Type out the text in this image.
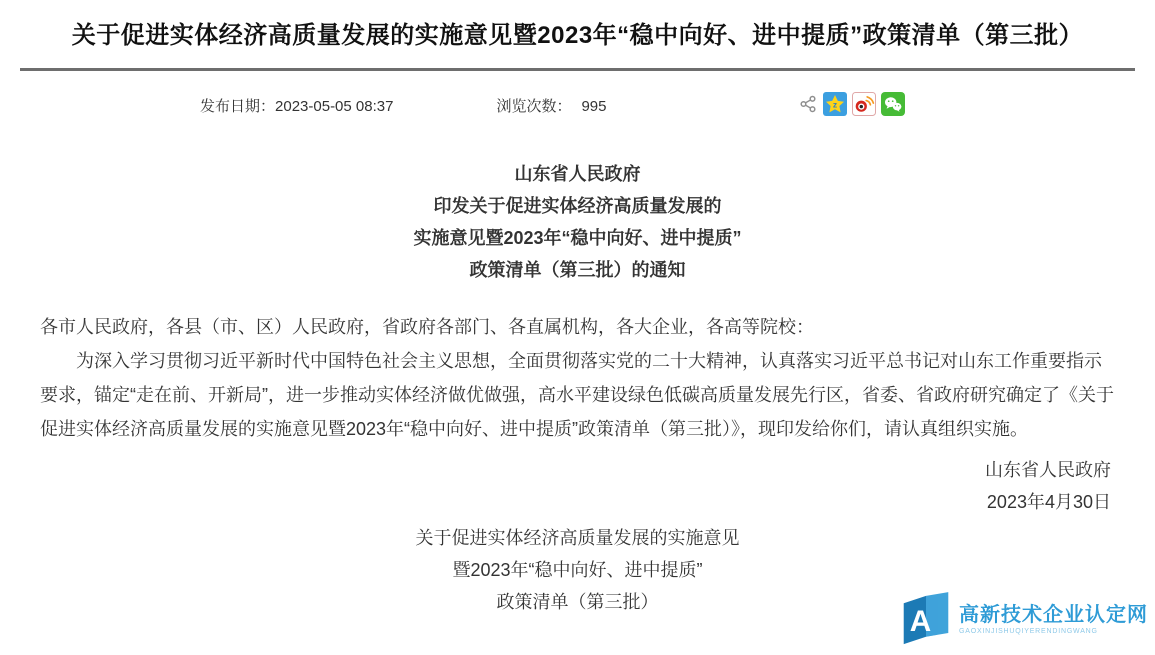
关于促进实体经济高质量发展的实施意见暨2023年“稳中向好、进中提质”政策清单（第三批）
发布日期：2023-05-05 08:37	浏览次数： 995	z
山东省人民政府
印发关于促进实体经济高质量发展的
实施意见暨2023年“稳中向好、进中提质”
政策清单（第三批）的通知

各市人民政府，各县（市、区）人民政府，省政府各部门、各直属机构，各大企业，各高等院校：

为深入学习贯彻习近平新时代中国特色社会主义思想，全面贯彻落实党的二十大精神，认真落实习近平总书记对山东工作重要指示要求，锚定“走在前、开新局”，进一步推动实体经济做优做强，高水平建设绿色低碳高质量发展先行区，省委、省政府研究确定了《关于促进实体经济高质量发展的实施意见暨2023年“稳中向好、进中提质”政策清单（第三批）》，现印发给你们，请认真组织实施。

山东省人民政府
2023年4月30日
关于促进实体经济高质量发展的实施意见
暨2023年“稳中向好、进中提质”
政策清单（第三批）
A 高新技术企业认定网
GAOXINJISHUQIYERENDINGWANG
